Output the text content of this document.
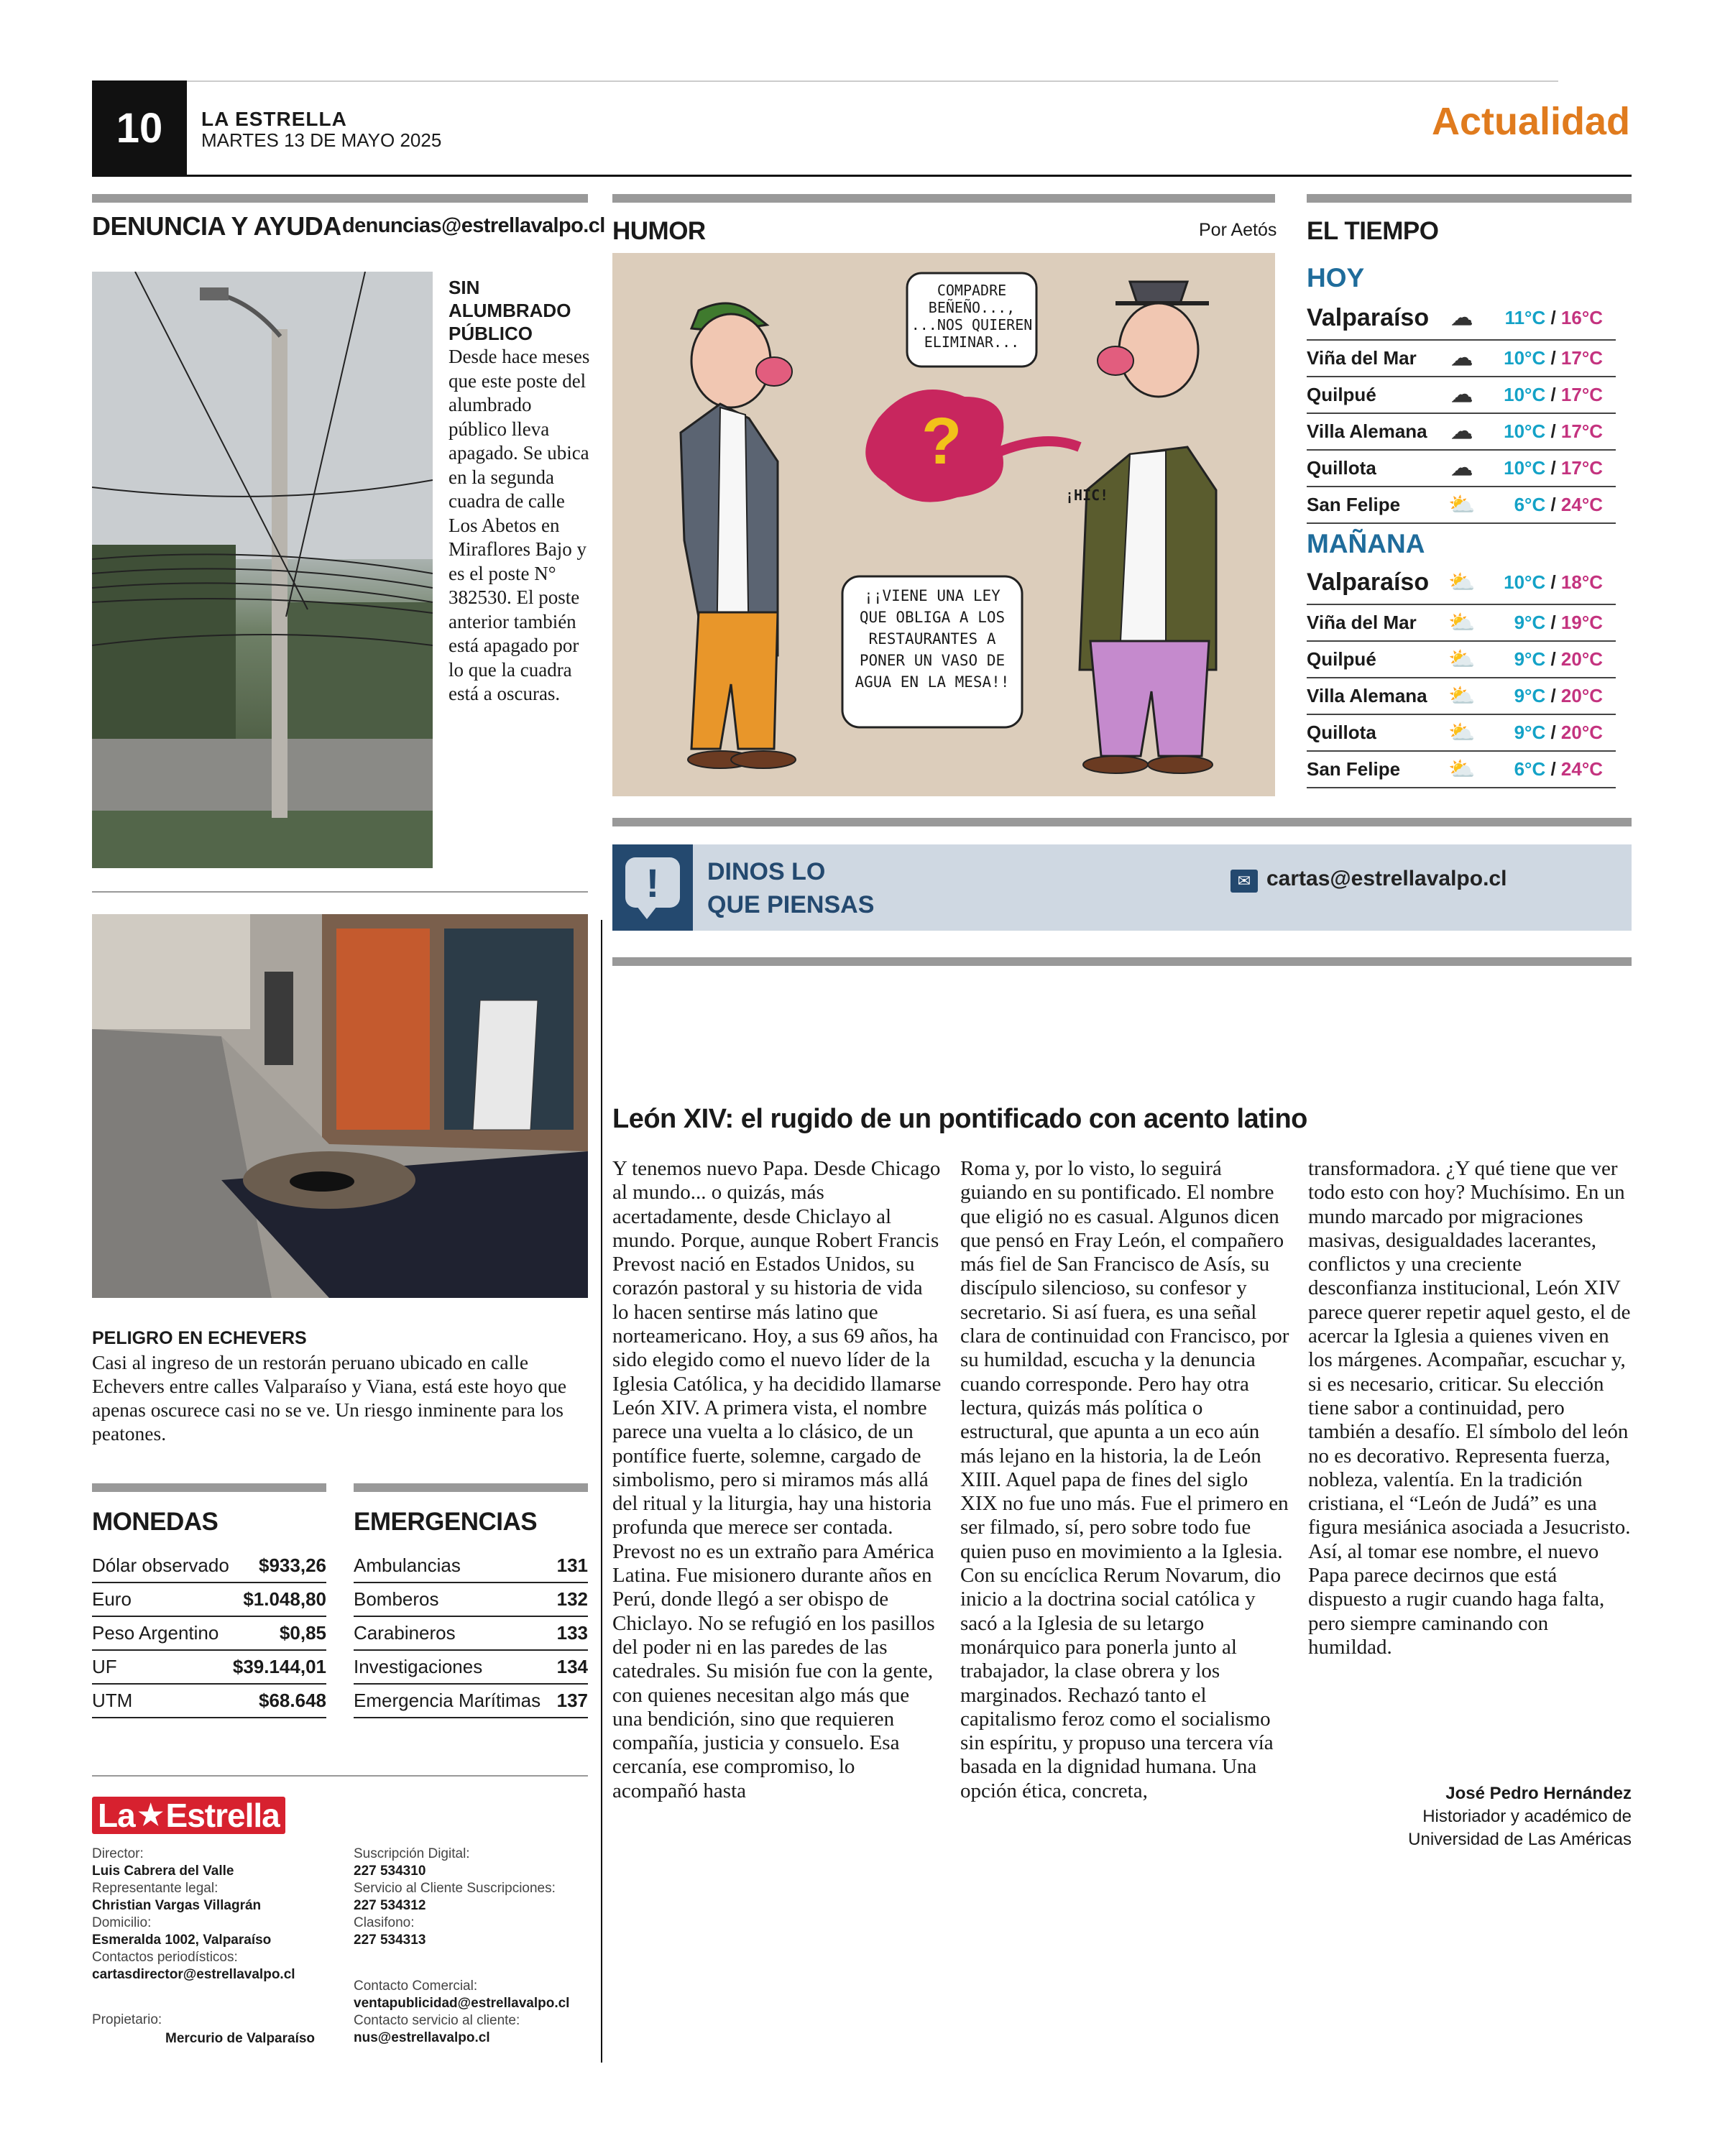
10	LA ESTRELLA
MARTES 13 DE MAYO 2025	Actualidad
DENUNCIA Y AYUDA denuncias@estrellavalpo.cl
SIN ALUMBRADO PÚBLICO
Desde hace meses que este poste del alumbrado público lleva apagado. Se ubica en la segunda cuadra de calle Los Abetos en Miraflores Bajo y es el poste N° 382530. El poste anterior también está apagado por lo que la cuadra está a oscuras.
PELIGRO EN ECHEVERS
Casi al ingreso de un restorán peruano ubicado en calle Echevers entre calles Valparaíso y Viana, está este hoyo que apenas oscurece casi no se ve. Un riesgo inminente para los peatones.
MONEDAS
Dólar observado $933,26
Euro	$1.048,80
Peso Argentino	$0,85
UF	$39.144,01
UTM	$68.648
EMERGENCIAS
Ambulancias	131
Bomberos	132
Carabineros	133
Investigaciones	134
Emergencia Marítimas 137
La ★ Estrella
Director:
Luis Cabrera del Valle
Representante legal:
Christian Vargas Villagrán
Domicilio:
Esmeralda 1002, Valparaíso
Contactos periodísticos:
cartasdirector@estrellavalpo.cl
Propietario:
Mercurio de Valparaíso
Suscripción Digital:
227 534310
Servicio al Cliente Suscripciones:
227 534312
Clasifono:
227 534313
Contacto Comercial:
ventapublicidad@estrellavalpo.cl
Contacto servicio al cliente:
nus@estrellavalpo.cl
HUMOR	Por Aetós
COMPADRE BEÑEÑO..., ...NOS QUIEREN ELIMINAR...
¡¡VIENE UNA LEY QUE OBLIGA A LOS RESTAURANTES A PONER UN VASO DE AGUA EN LA MESA!!
?
¡HIC!
EL TIEMPO
HOY
Valparaíso	☁	11°C / 16°C
Viña del Mar	☁	10°C / 17°C
Quilpué	☁	10°C / 17°C
Villa Alemana	☁	10°C / 17°C
Quillota	☁	10°C / 17°C
San Felipe	⛅	6°C / 24°C
MAÑANA
Valparaíso ⛅	10°C / 18°C
Viña del Mar	⛅	9°C / 19°C
Quilpué	⛅	9°C / 20°C
Villa Alemana ⛅	9°C / 20°C
Quillota	⛅	9°C / 20°C
San Felipe	⛅	6°C / 24°C
!	DINOS LO
QUE PIENSAS
✉ cartas@estrellavalpo.cl
León XIV: el rugido de un pontificado con acento latino
Y tenemos nuevo Papa. Desde Chicago al mundo... o quizás, más acertadamente, desde Chiclayo al mundo. Porque, aunque Robert Francis Prevost nació en Estados Unidos, su corazón pastoral y su historia de vida lo hacen sentirse más latino que norteamericano. Hoy, a sus 69 años, ha sido elegido como el nuevo líder de la Iglesia Católica, y ha decidido llamarse León XIV. A primera vista, el nombre parece una vuelta a lo clásico, de un pontífice fuerte, solemne, cargado de simbolismo, pero si miramos más allá del ritual y la liturgia, hay una historia profunda que merece ser contada. Prevost no es un extraño para América Latina. Fue misionero durante años en Perú, donde llegó a ser obispo de Chiclayo. No se refugió en los pasillos del poder ni en las paredes de las catedrales. Su misión fue con la gente, con quienes necesitan algo más que una bendición, sino que requieren compañía, justicia y consuelo. Esa cercanía, ese compromiso, lo acompañó hasta
Roma y, por lo visto, lo seguirá guiando en su pontificado. El nombre que eligió no es casual. Algunos dicen que pensó en Fray León, el compañero más fiel de San Francisco de Asís, su discípulo silencioso, su confesor y secretario. Si así fuera, es una señal clara de continuidad con Francisco, por su humildad, escucha y la denuncia cuando corresponde. Pero hay otra lectura, quizás más política o estructural, que apunta a un eco aún más lejano en la historia, la de León XIII. Aquel papa de fines del siglo XIX no fue uno más. Fue el primero en ser filmado, sí, pero sobre todo fue quien puso en movimiento a la Iglesia. Con su encíclica Rerum Novarum, dio inicio a la doctrina social católica y sacó a la Iglesia de su letargo monárquico para ponerla junto al trabajador, la clase obrera y los marginados. Rechazó tanto el capitalismo feroz como el socialismo sin espíritu, y propuso una tercera vía basada en la dignidad humana. Una opción ética, concreta,
transformadora. ¿Y qué tiene que ver todo esto con hoy? Muchísimo. En un mundo marcado por migraciones masivas, desigualdades lacerantes, conflictos y una creciente desconfianza institucional, León XIV parece querer repetir aquel gesto, el de acercar la Iglesia a quienes viven en los márgenes. Acompañar, escuchar y, si es necesario, criticar. Su elección tiene sabor a continuidad, pero también a desafío. El símbolo del león no es decorativo. Representa fuerza, nobleza, valentía. En la tradición cristiana, el “León de Judá” es una figura mesiánica asociada a Jesucristo. Así, al tomar ese nombre, el nuevo Papa parece decirnos que está dispuesto a rugir cuando haga falta, pero siempre caminando con humildad.
José Pedro Hernández
Historiador y académico de
Universidad de Las Américas
